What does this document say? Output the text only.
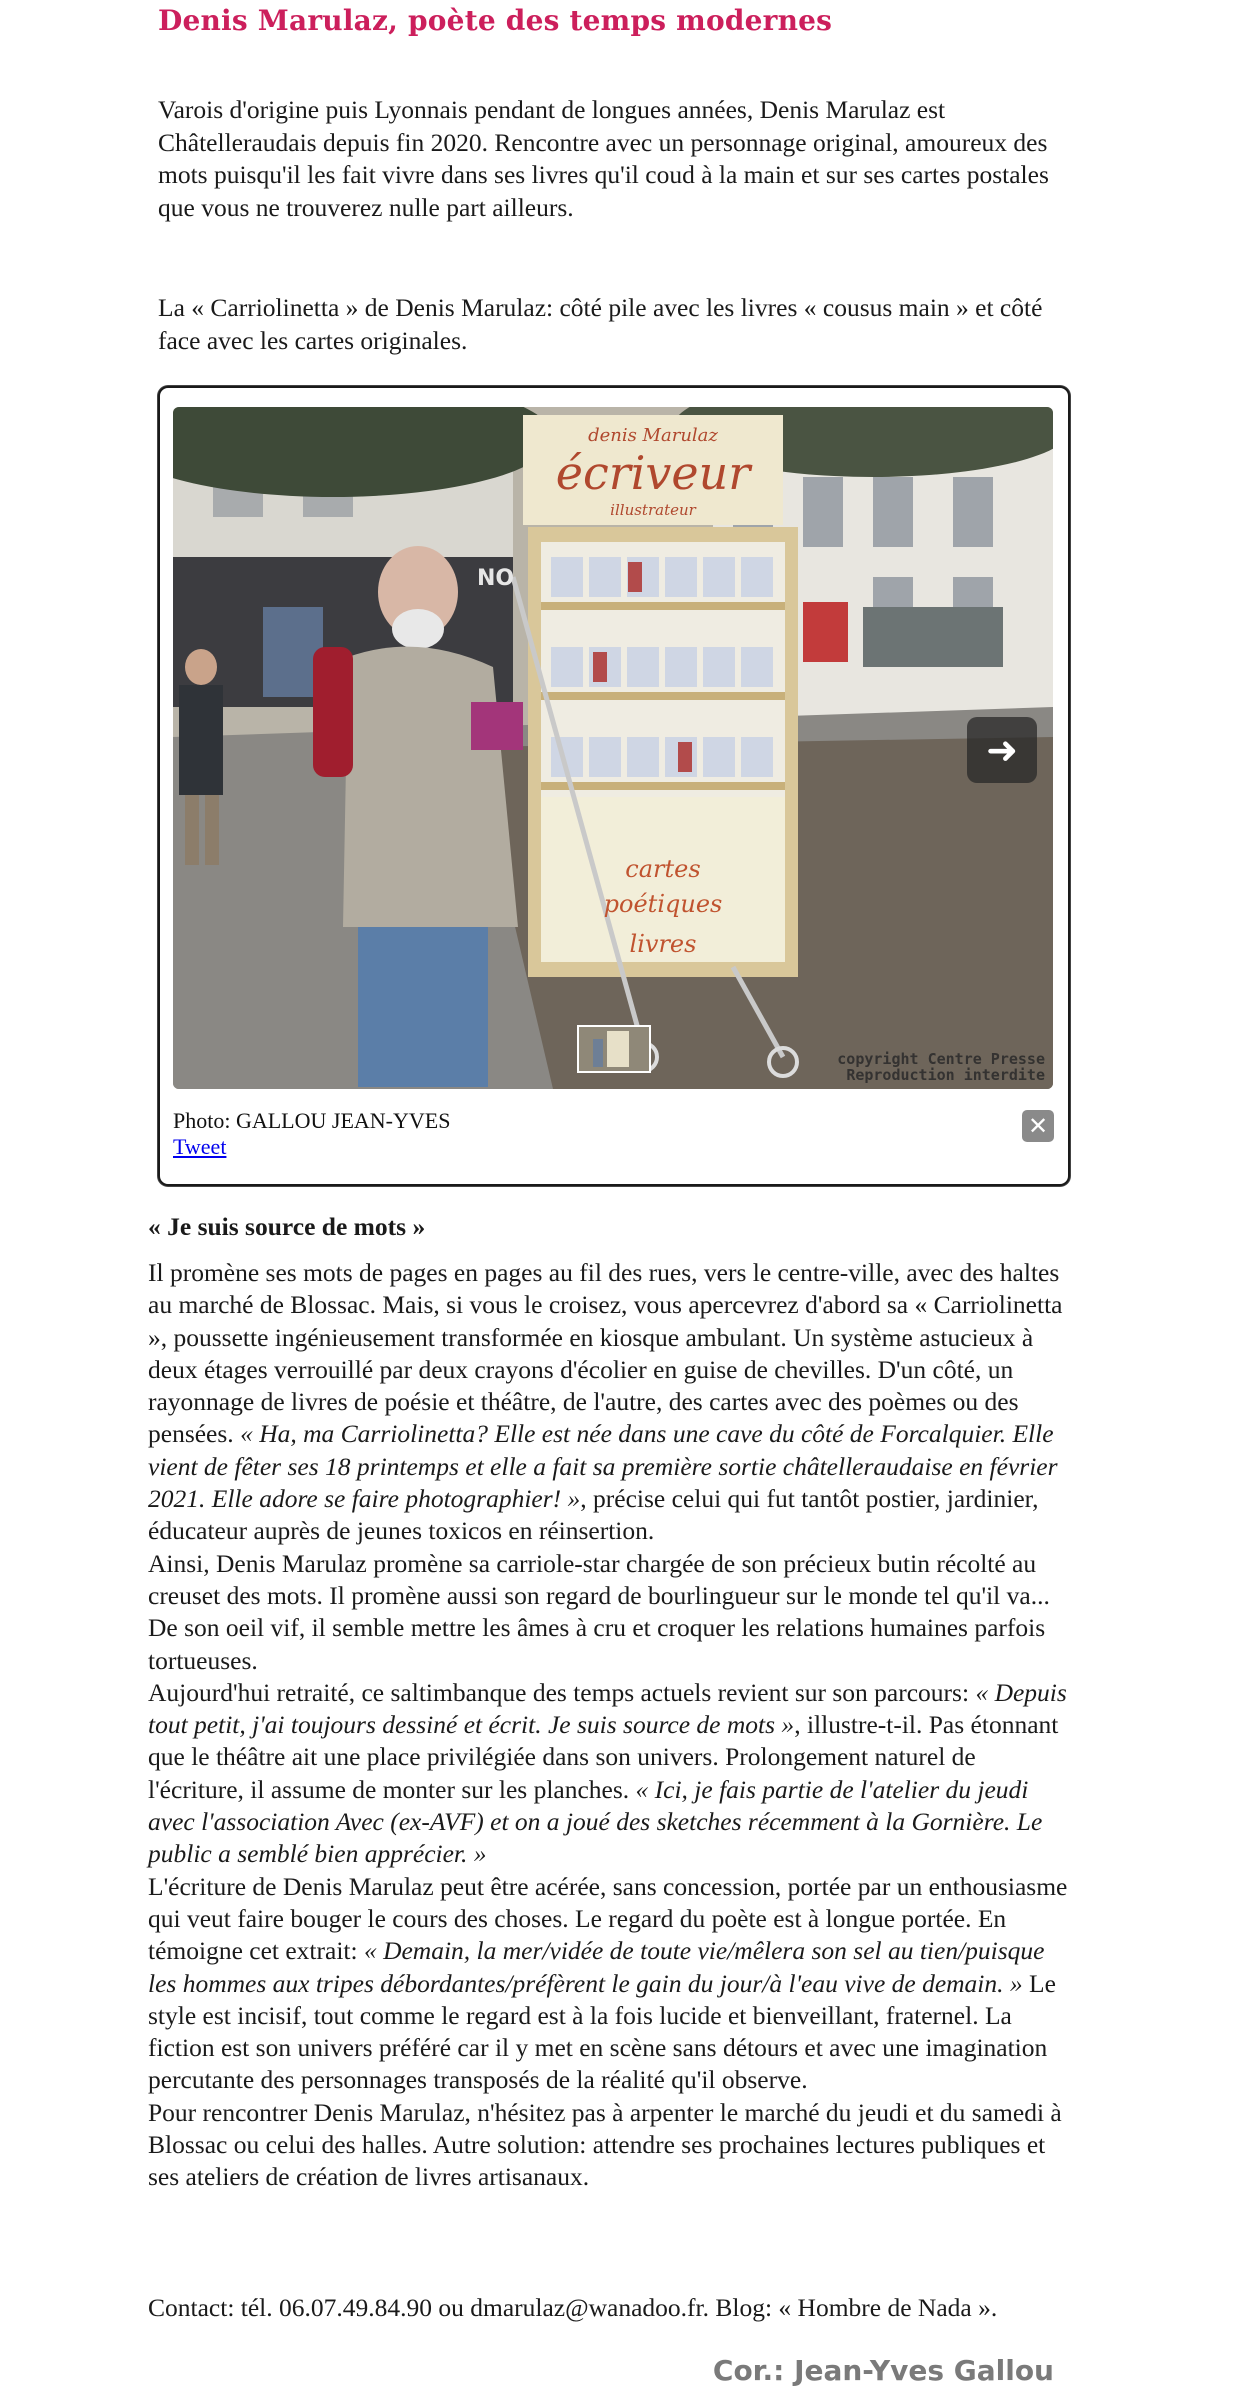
Denis Marulaz, poète des temps modernes

Varois d'origine puis Lyonnais pendant de longues années, Denis Marulaz est Châtelleraudais depuis fin 2020. Rencontre avec un personnage original, amoureux des mots puisqu'il les fait vivre dans ses livres qu'il coud à la main et sur ses cartes postales que vous ne trouverez nulle part ailleurs.

La « Carriolinetta » de Denis Marulaz: côté pile avec les livres « cousus main » et côté face avec les cartes originales.

denis Marulaz
écriveur
illustrateur
cartes
poétiques
livres
NO
➜
copyright Centre Presse
Reproduction interdite
Photo: GALLOU JEAN-YVES
Tweet
✕
« Je suis source de mots »

Il promène ses mots de pages en pages au fil des rues, vers le centre-ville, avec des haltes au marché de Blossac. Mais, si vous le croisez, vous apercevrez d'abord sa « Carriolinetta », poussette ingénieusement transformée en kiosque ambulant. Un système astucieux à deux étages verrouillé par deux crayons d'écolier en guise de chevilles. D'un côté, un rayonnage de livres de poésie et théâtre, de l'autre, des cartes avec des poèmes ou des pensées. « Ha, ma Carriolinetta? Elle est née dans une cave du côté de Forcalquier. Elle vient de fêter ses 18 printemps et elle a fait sa première sortie châtelleraudaise en février 2021. Elle adore se faire photographier! », précise celui qui fut tantôt postier, jardinier, éducateur auprès de jeunes toxicos en réinsertion.
Ainsi, Denis Marulaz promène sa carriole-star chargée de son précieux butin récolté au creuset des mots. Il promène aussi son regard de bourlingueur sur le monde tel qu'il va... De son oeil vif, il semble mettre les âmes à cru et croquer les relations humaines parfois tortueuses.
Aujourd'hui retraité, ce saltimbanque des temps actuels revient sur son parcours: « Depuis tout petit, j'ai toujours dessiné et écrit. Je suis source de mots », illustre-t-il. Pas étonnant que le théâtre ait une place privilégiée dans son univers. Prolongement naturel de l'écriture, il assume de monter sur les planches. « Ici, je fais partie de l'atelier du jeudi avec l'association Avec (ex-AVF) et on a joué des sketches récemment à la Gornière. Le public a semblé bien apprécier. »
L'écriture de Denis Marulaz peut être acérée, sans concession, portée par un enthousiasme qui veut faire bouger le cours des choses. Le regard du poète est à longue portée. En témoigne cet extrait: « Demain, la mer/vidée de toute vie/mêlera son sel au tien/puisque les hommes aux tripes débordantes/préfèrent le gain du jour/à l'eau vive de demain. » Le style est incisif, tout comme le regard est à la fois lucide et bienveillant, fraternel. La fiction est son univers préféré car il y met en scène sans détours et avec une imagination percutante des personnages transposés de la réalité qu'il observe.
Pour rencontrer Denis Marulaz, n'hésitez pas à arpenter le marché du jeudi et du samedi à Blossac ou celui des halles. Autre solution: attendre ses prochaines lectures publiques et ses ateliers de création de livres artisanaux.

Contact: tél. 06.07.49.84.90 ou dmarulaz@wanadoo.fr. Blog: « Hombre de Nada ».

Cor.: Jean-Yves Gallou
